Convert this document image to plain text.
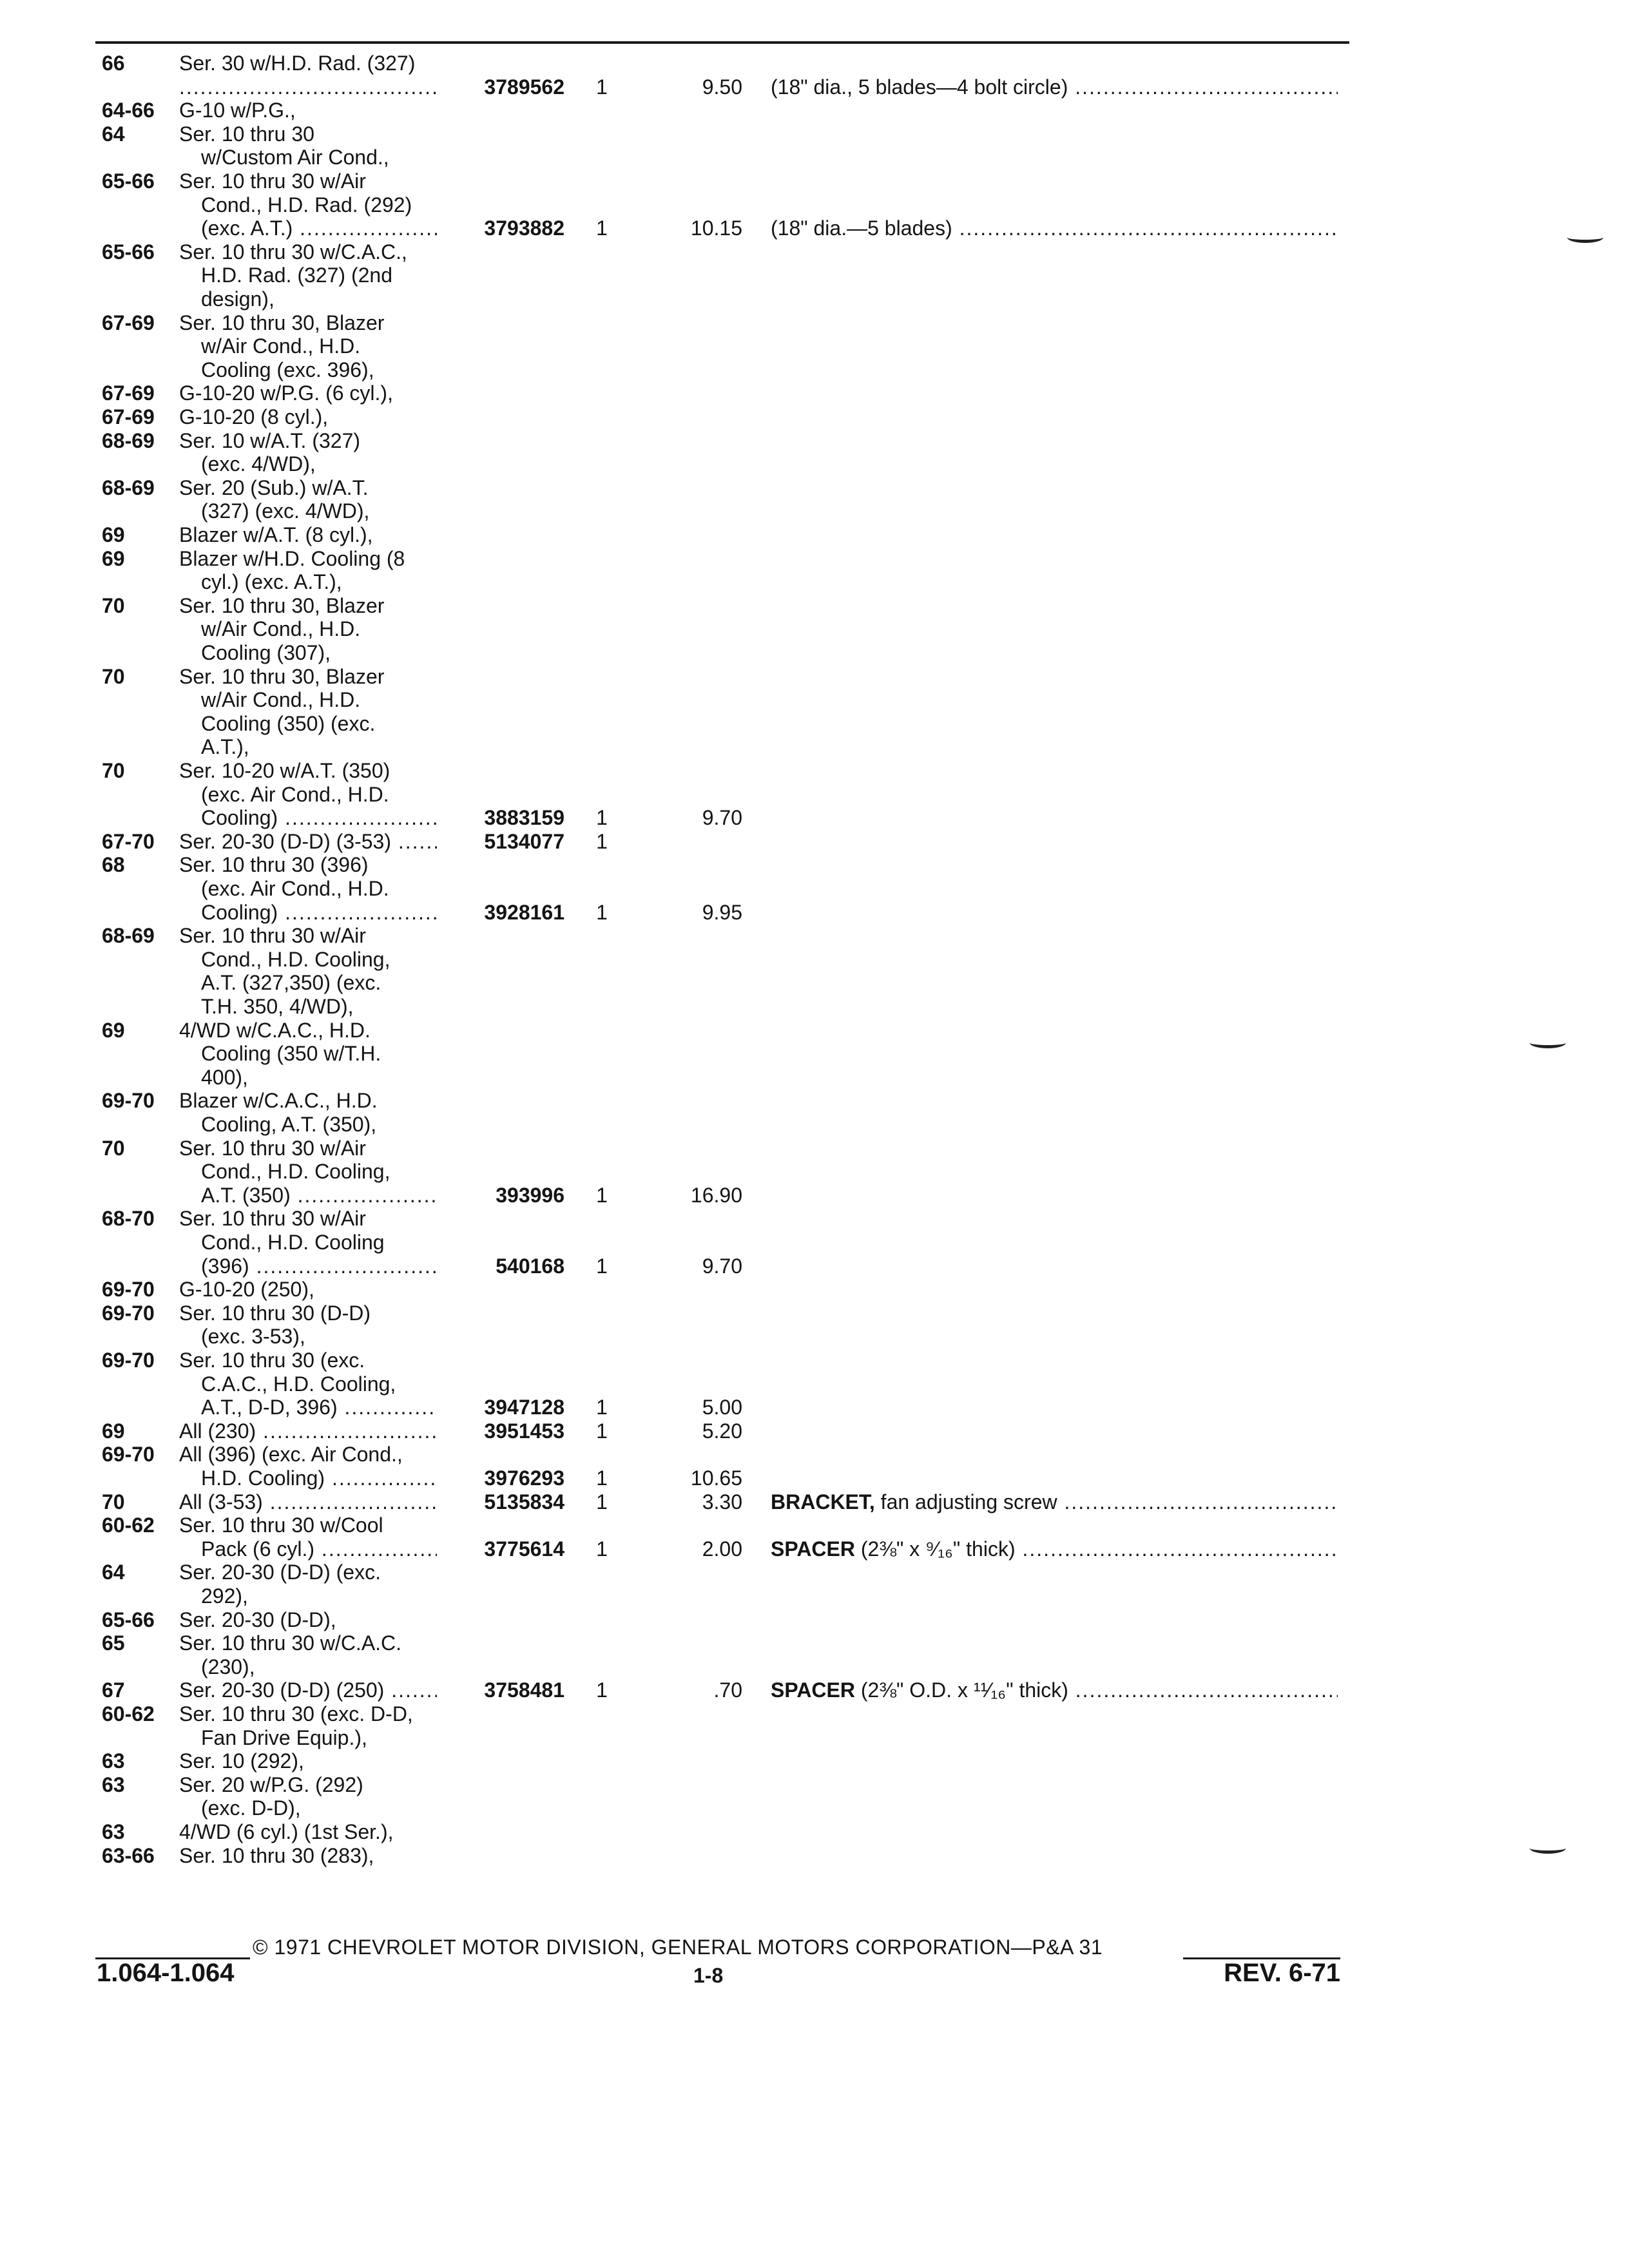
66	Ser. 30 w/H.D. Rad. (327)
.....
3789562 1	9.50 (18" dia., 5 blades—4 bolt circle) .....
64-66	G-10 w/P.G.,
64	Ser. 10 thru 30
w/Custom Air Cond.,
65-66	Ser. 10 thru 30 w/Air
Cond., H.D. Rad. (292)
(exc. A.T.) .....	3793882 1	10.15 (18" dia.—5 blades) .....
65-66	Ser. 10 thru 30 w/C.A.C.,
H.D. Rad. (327) (2nd
design),
67-69	Ser. 10 thru 30, Blazer
w/Air Cond., H.D.
Cooling (exc. 396),
67-69	G-10-20 w/P.G. (6 cyl.),
67-69	G-10-20 (8 cyl.),
68-69	Ser. 10 w/A.T. (327)
(exc. 4/WD),
68-69	Ser. 20 (Sub.) w/A.T.
(327) (exc. 4/WD),
69	Blazer w/A.T. (8 cyl.),
69	Blazer w/H.D. Cooling (8
cyl.) (exc. A.T.),
70	Ser. 10 thru 30, Blazer
w/Air Cond., H.D.
Cooling (307),
70	Ser. 10 thru 30, Blazer
w/Air Cond., H.D.
Cooling (350) (exc.
A.T.),
70	Ser. 10-20 w/A.T. (350)
(exc. Air Cond., H.D.
Cooling) .....	3883159 1	9.70
67-70	Ser. 20-30 (D-D) (3-53) .....	5134077 1
68	Ser. 10 thru 30 (396)
(exc. Air Cond., H.D.
Cooling) .....	3928161 1	9.95
68-69	Ser. 10 thru 30 w/Air
Cond., H.D. Cooling,
A.T. (327,350) (exc.
T.H. 350, 4/WD),
69	4/WD w/C.A.C., H.D.
Cooling (350 w/T.H.
400),
69-70	Blazer w/C.A.C., H.D.
Cooling, A.T. (350),
70	Ser. 10 thru 30 w/Air
Cond., H.D. Cooling,
A.T. (350) .....	393996 1	16.90
68-70	Ser. 10 thru 30 w/Air
Cond., H.D. Cooling
(396) .....	540168 1	9.70
69-70	G-10-20 (250),
69-70	Ser. 10 thru 30 (D-D)
(exc. 3-53),
69-70	Ser. 10 thru 30 (exc.
C.A.C., H.D. Cooling,
A.T., D-D, 396) .....	3947128 1	5.00
69	All (230) .....	3951453 1	5.20
69-70	All (396) (exc. Air Cond.,
H.D. Cooling) .....	3976293 1	10.65
70	All (3-53) .....	5135834 1	3.30 BRACKET, fan adjusting screw .....
60-62	Ser. 10 thru 30 w/Cool
Pack (6 cyl.) .....	3775614 1	2.00 SPACER (2⅜" x ⁹⁄₁₆" thick) .....
64	Ser. 20-30 (D-D) (exc.
292),
65-66	Ser. 20-30 (D-D),
65	Ser. 10 thru 30 w/C.A.C.
(230),
67	Ser. 20-30 (D-D) (250) .....	3758481 1	.70 SPACER (2⅜" O.D. x ¹¹⁄₁₆" thick) .....
60-62	Ser. 10 thru 30 (exc. D-D,
Fan Drive Equip.),
63	Ser. 10 (292),
63	Ser. 20 w/P.G. (292)
(exc. D-D),
63	4/WD (6 cyl.) (1st Ser.),
63-66	Ser. 10 thru 30 (283),
© 1971 CHEVROLET MOTOR DIVISION, GENERAL MOTORS CORPORATION—P&A 31
1.064-1.064	1-8	REV. 6-71
